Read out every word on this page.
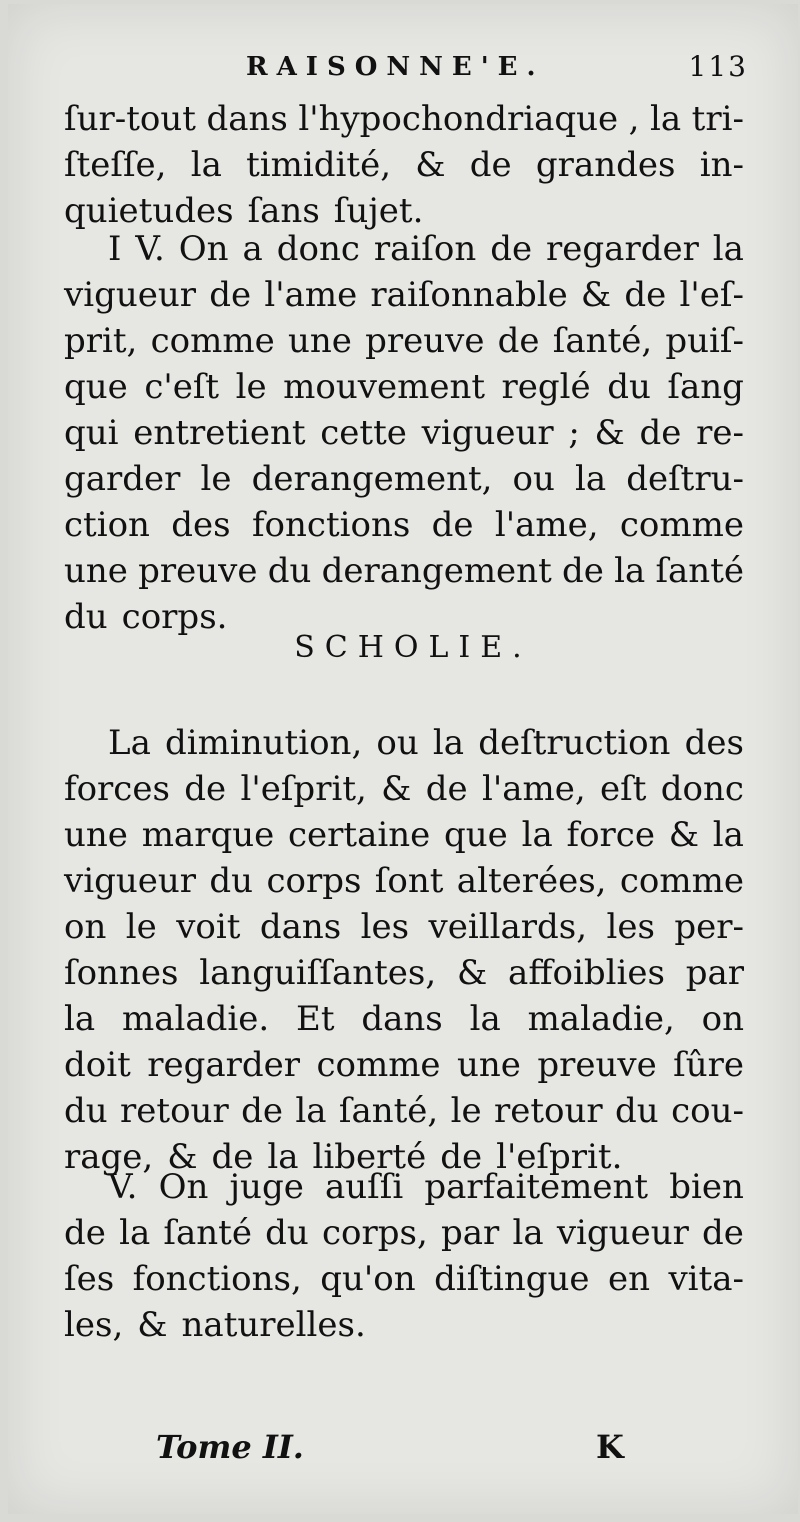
RAISONNE'E.	113
ſur-tout dans l'hypochondriaque , la tri-
ſteſſe, la timidité, & de grandes in-
quietudes ſans ſujet.
I V. On a donc raiſon de regarder la
vigueur de l'ame raiſonnable & de l'eſ-
prit, comme une preuve de ſanté, puiſ-
que c'eſt le mouvement reglé du ſang
qui entretient cette vigueur ; & de re-
garder le derangement, ou la deſtru-
ction des fonctions de l'ame, comme
une preuve du derangement de la ſanté
du corps.
SCHOLIE.
La diminution, ou la deſtruction des
forces de l'eſprit, & de l'ame, eſt donc
une marque certaine que la force & la
vigueur du corps ſont alterées, comme
on le voit dans les veillards, les per-
ſonnes languiſſantes, & affoiblies par
la maladie. Et dans la maladie, on
doit regarder comme une preuve ſûre
du retour de la ſanté, le retour du cou-
rage, & de la liberté de l'eſprit.
V. On juge auſſi parfaitement bien
de la ſanté du corps, par la vigueur de
ſes fonctions, qu'on diſtingue en vita-
les, & naturelles.
Tome II.	K
